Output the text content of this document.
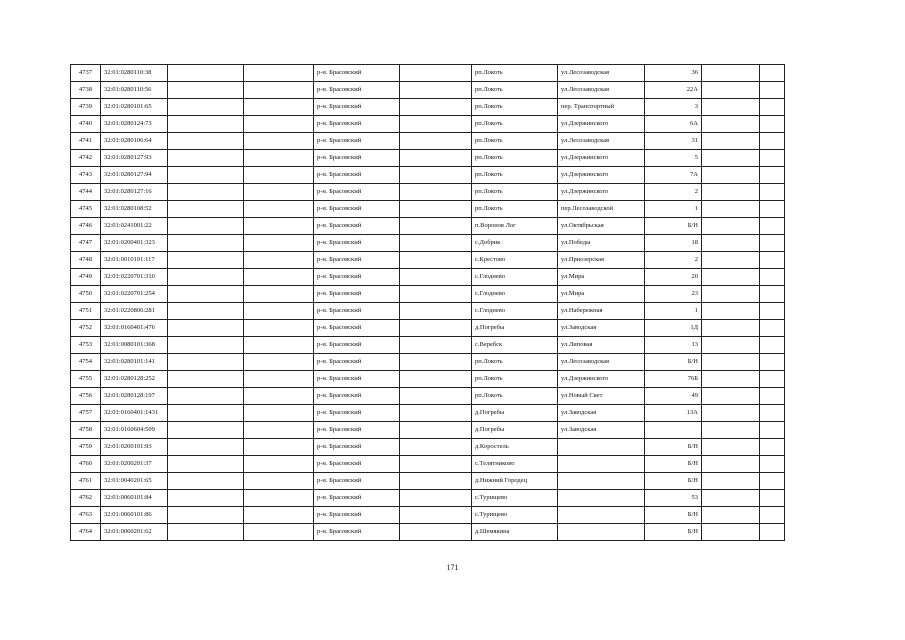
4737	32:01:0280110:38			р-н. Брасовский		рп.Локоть	ул.Лесозаводская	36		
4738	32:01:0280110:56			р-н. Брасовский		рп.Локоть	ул.Лесозаводская	22А		
4739	32:01:0280101:65			р-н. Брасовский		рп.Локоть	пер. Транспортный	3		
4740	32:01:0280124:73			р-н. Брасовский		рп.Локоть	ул.Дзержинского	6А		
4741	32:01:0280106:64			р-н. Брасовский		рп.Локоть	ул.Лесозаводская	31		
4742	32:01:0280127:93			р-н. Брасовский		рп.Локоть	ул.Дзержинского	5		
4743	32:01:0280127:94			р-н. Брасовский		рп.Локоть	ул.Дзержинского	7А		
4744	32:01:0280127:16			р-н. Брасовский		рп.Локоть	ул.Дзержинского	2		
4745	32:01:0280108:52			р-н. Брасовский		рп.Локоть	пер.Лесозаводской	1		
4746	32:01:0241001:22			р-н. Брасовский		п.Воронов Лог	ул.Октябрьская	Б/Н		
4747	32:01:0200401:323			р-н. Брасовский		с.Добрик	ул.Победы	18		
4748	32:01:0010101:117			р-н. Брасовский		с.Крестово	ул.Приозерская	2		
4749	32:01:0220701:310			р-н. Брасовский		с.Глоднево	ул.Мира	20		
4750	32:01:0220701:254			р-н. Брасовский		с.Глоднево	ул.Мира	23		
4751	32:01:0220806:281			р-н. Брасовский		с.Глоднево	ул.Набережная	1		
4752	32:01:0160401:476			р-н. Брасовский		д.Погребы	ул.Заводская	1Д		
4753	32:01:0080101:368			р-н. Брасовский		с.Веребск	ул.Липовая	13		
4754	32:01:0280101:141			р-н. Брасовский		рп.Локоть	ул.Лесозаводская	Б/Н		
4755	32:01:0280128:252			р-н. Брасовский		рп.Локоть	ул.Дзержинского	76Б		
4756	32:01:0280128:197			р-н. Брасовский		рп.Локоть	ул.Новый Свет	49		
4757	32:01:0160401:1431			р-н. Брасовский		д.Погребы	ул.Заводская	13А		
4758	32:01:0160604:509			р-н. Брасовский		д.Погребы	ул.Заводская			
4759	32:01:0200101:93			р-н. Брасовский		д.Коростель		Б/Н		
4760	32:01:0200201:37			р-н. Брасовский		с.Телятниково		Б/Н		
4761	32:01:0040201:65			р-н. Брасовский		д.Нижний Городец		Б/Н		
4762	32:01:0060101:84			р-н. Брасовский		с.Турищево		53		
4763	32:01:0060101:86			р-н. Брасовский		с.Турищево		Б/Н		
4764	32:01:0060201:62			р-н. Брасовский		д.Шемякина		Б/Н		
171
